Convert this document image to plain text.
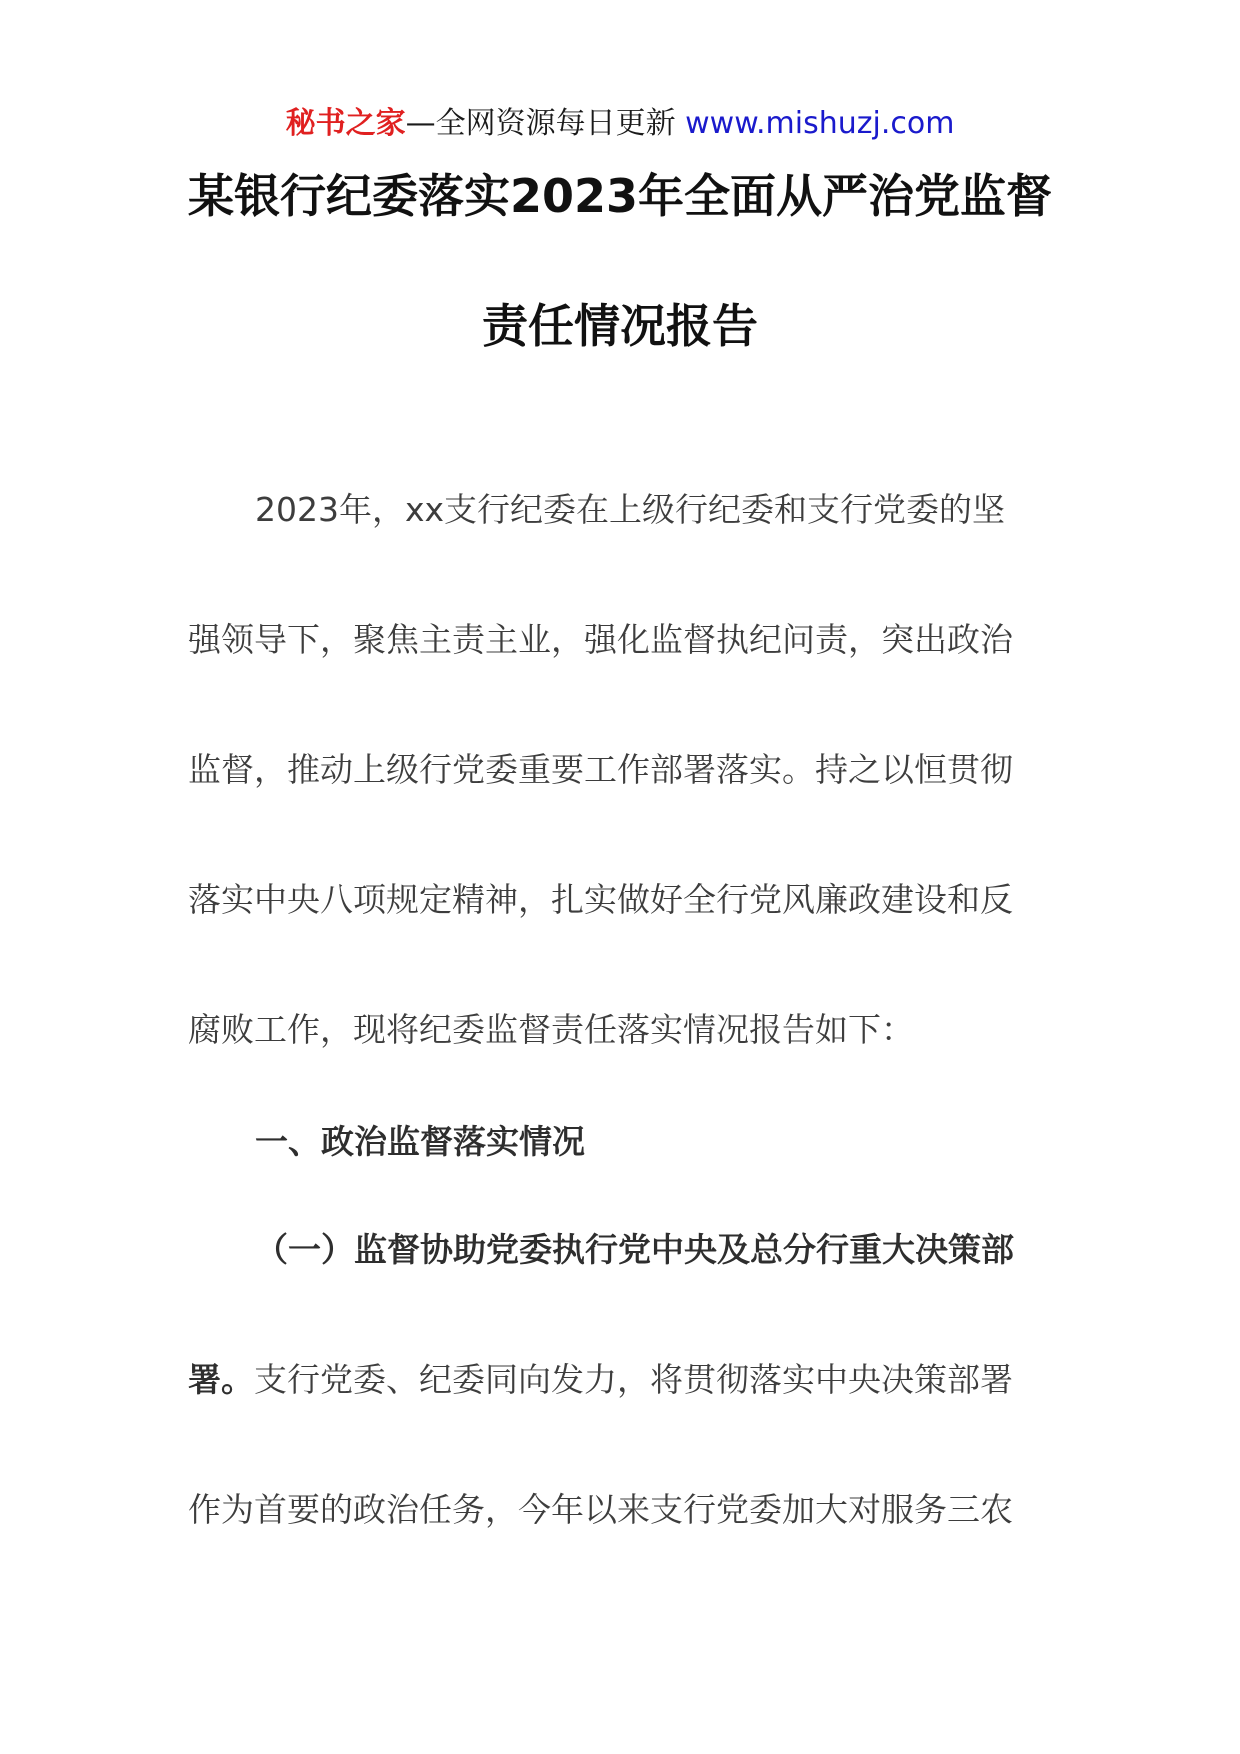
秘书之家—全网资源每日更新 www.mishuzj.com
某银行纪委落实2023年全面从严治党监督
责任情况报告
2023年，xx支行纪委在上级行纪委和支行党委的坚
强领导下，聚焦主责主业，强化监督执纪问责，突出政治
监督，推动上级行党委重要工作部署落实。持之以恒贯彻
落实中央八项规定精神，扎实做好全行党风廉政建设和反
腐败工作，现将纪委监督责任落实情况报告如下：
一、政治监督落实情况
（一）监督协助党委执行党中央及总分行重大决策部
署。支行党委、纪委同向发力，将贯彻落实中央决策部署
作为首要的政治任务，今年以来支行党委加大对服务三农
